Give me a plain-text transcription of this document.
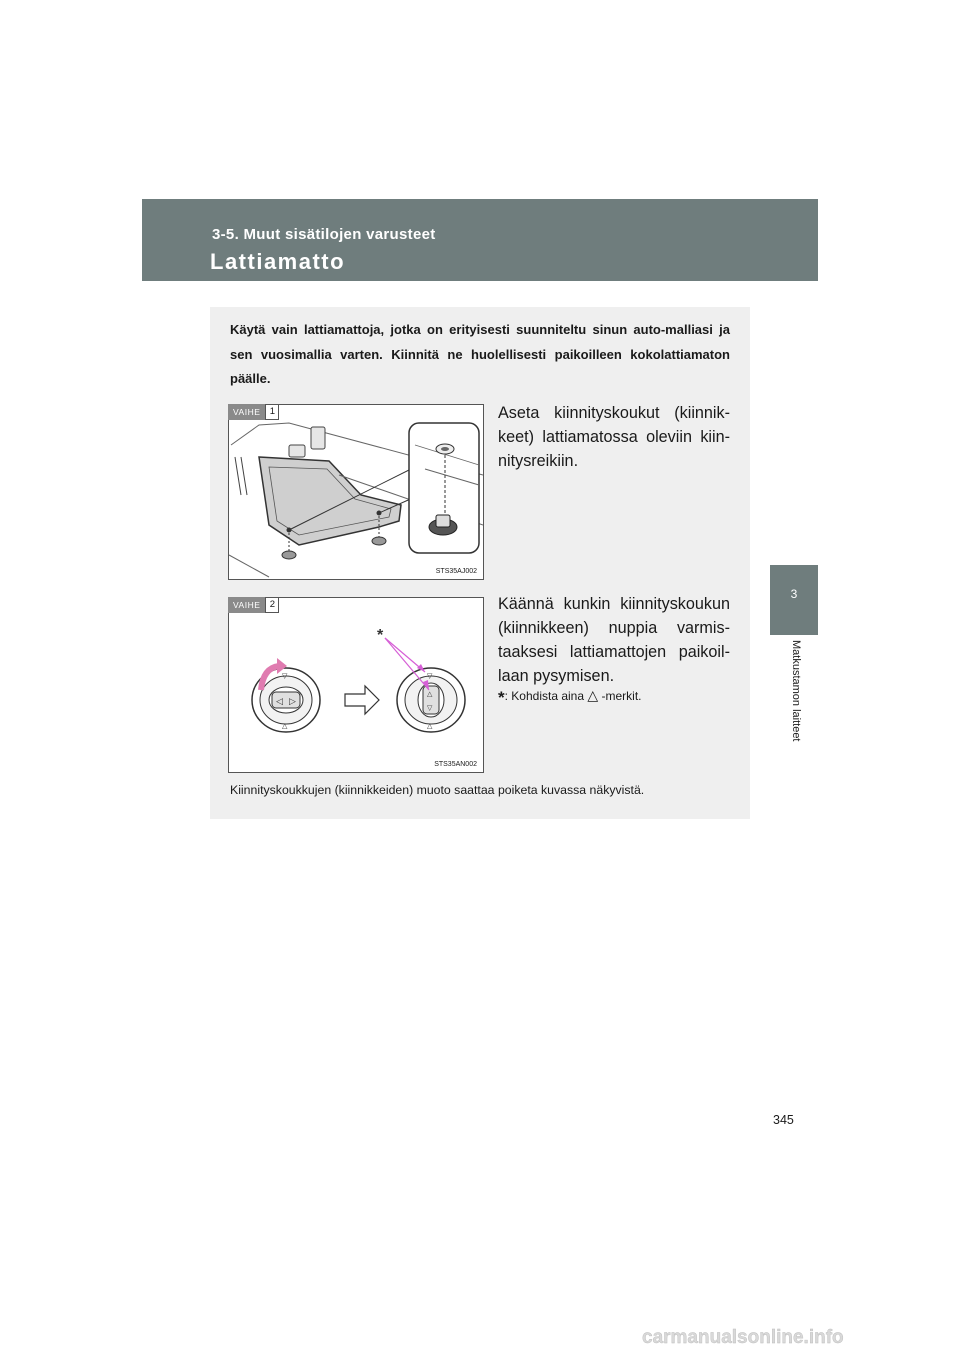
3-5. Muut sisätilojen varusteet
Lattiamatto
3
Matkustamon laitteet
Käytä vain lattiamattoja, jotka on erityisesti suunniteltu sinun auto-malliasi ja sen vuosimallia varten. Kiinnitä ne huolellisesti paikoilleen kokolattiamaton päälle.
VAIHE 1
STS35AJ002
Aseta kiinnityskoukut (kiinnik-keet) lattiamatossa oleviin kiin-nitysreikiin.
VAIHE 2
◁ ▷
▽
△
△
▽
▽
△
*
STS35AN002
Käännä kunkin kiinnityskoukun (kiinnikkeen) nuppia varmis-taaksesi lattiamattojen paikoil-laan pysymisen.
*: Kohdista aina △ -merkit.
Kiinnityskoukkujen (kiinnikkeiden) muoto saattaa poiketa kuvassa näkyvistä.
345
carmanualsonline.info
